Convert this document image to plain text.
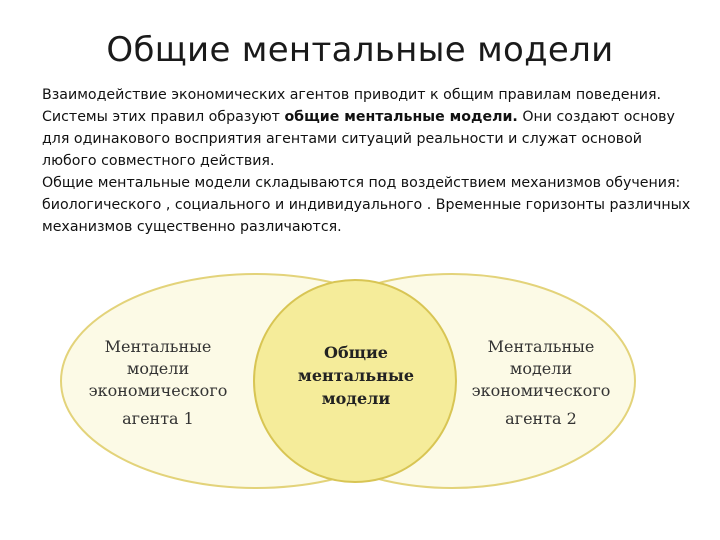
Общие ментальные модели

Взаимодействие экономических агентов приводит к общим правилам поведения. Системы этих правил образуют общие ментальные модели. Они создают основу для одинакового восприятия агентами ситуаций реальности и служат основой любого совместного действия.

Общие ментальные модели складываются под воздействием механизмов обучения: биологического , социального и индивидуального . Временные горизонты различных механизмов существенно различаются.

Ментальные
модели
экономического
агента 1
Общие
ментальные
модели
Ментальные
модели
экономического
агента 2
